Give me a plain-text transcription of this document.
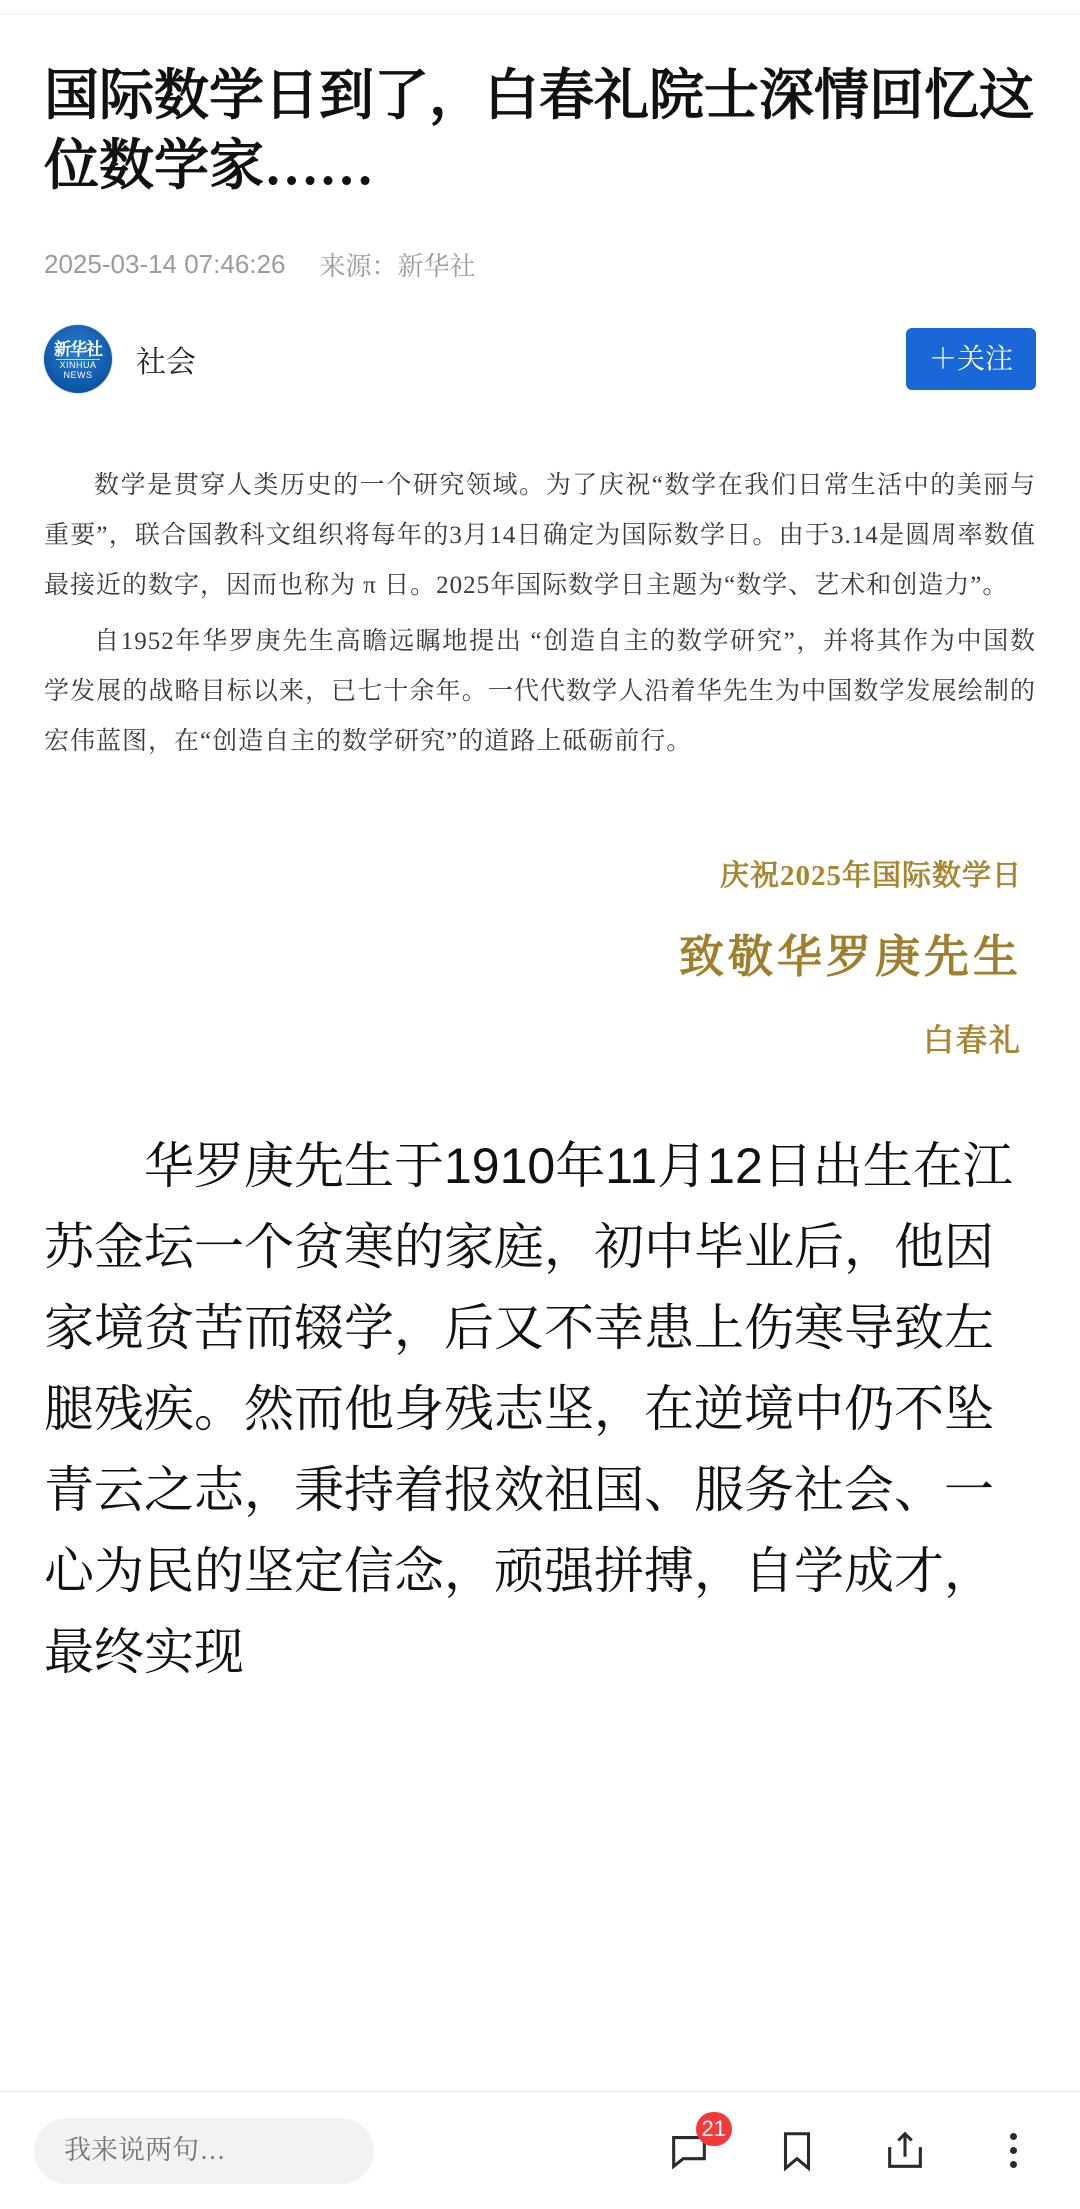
国际数学日到了，白春礼院士深情回忆这位数学家……
2025-03-14 07:46:26 来源：新华社
新华社
XINHUA NEWS	社会	＋关注

数学是贯穿人类历史的一个研究领域。为了庆祝“数学在我们日常生活中的美丽与重要”，联合国教科文组织将每年的3月14日确定为国际数学日。由于3.14是圆周率数值最接近的数字，因而也称为 π 日。2025年国际数学日主题为“数学、艺术和创造力”。

自1952年华罗庚先生高瞻远瞩地提出 “创造自主的数学研究”，并将其作为中国数学发展的战略目标以来，已七十余年。一代代数学人沿着华先生为中国数学发展绘制的宏伟蓝图，在“创造自主的数学研究”的道路上砥砺前行。

庆祝2025年国际数学日
致敬华罗庚先生
白春礼
华罗庚先生于1910年11月12日出生在江苏金坛一个贫寒的家庭，初中毕业后，他因家境贫苦而辍学，后又不幸患上伤寒导致左腿残疾。然而他身残志坚，在逆境中仍不坠青云之志，秉持着报效祖国、服务社会、一心为民的坚定信念，顽强拼搏，自学成才，最终实现
我来说两句…
21
